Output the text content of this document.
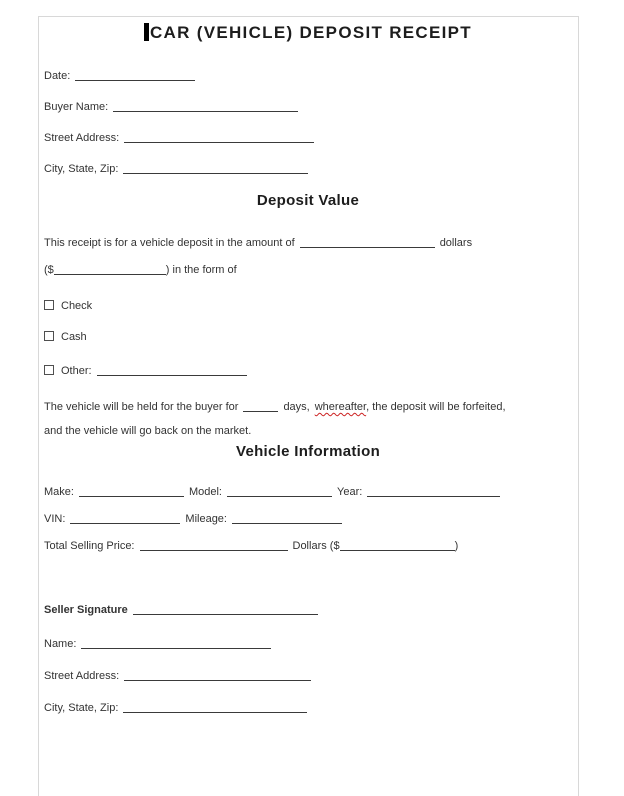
CAR (VEHICLE) DEPOSIT RECEIPT
Date:
Buyer Name:
Street Address:
City, State, Zip:
Deposit Value
This receipt is for a vehicle deposit in the amount of	dollars
($	) in the form of
Check
Cash
Other:
The vehicle will be held for the buyer for	days, whereafter, the deposit will be forfeited,
and the vehicle will go back on the market.
Vehicle Information
Make:	Model:	Year:
VIN:	Mileage:
Total Selling Price:	Dollars ($	)
Seller Signature
Name:
Street Address:
City, State, Zip:
